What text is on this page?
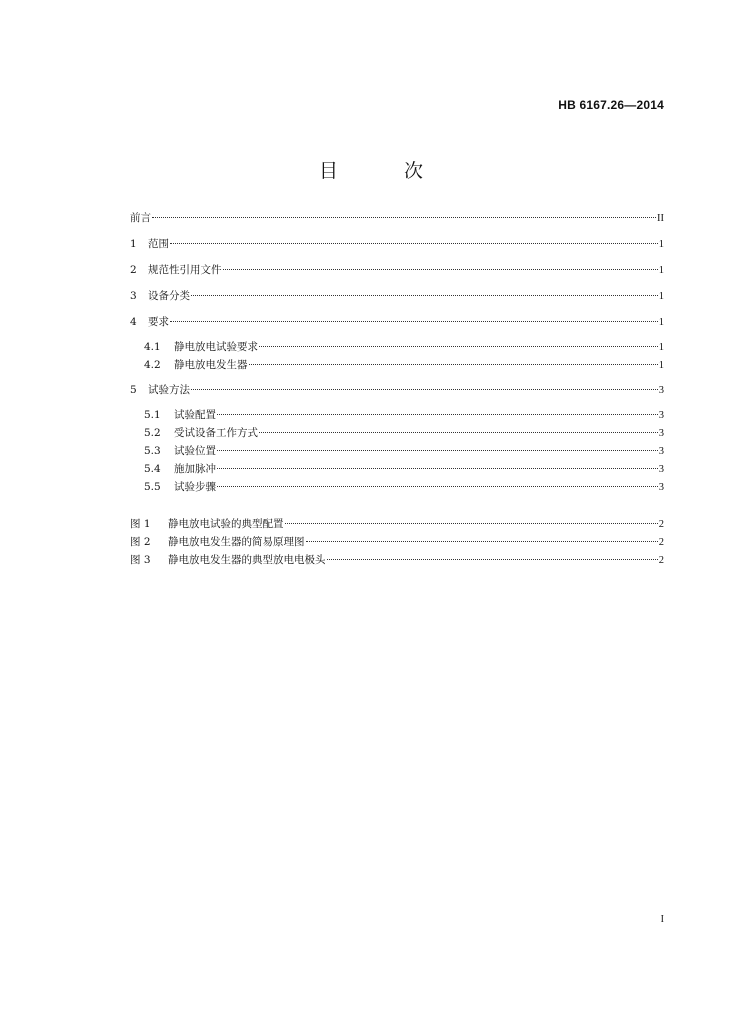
HB 6167.26—2014
目 次
前言	II
1	范围	1
2	规范性引用文件	1
3	设备分类	1
4	要求	1
4.1	静电放电试验要求	1
4.2	静电放电发生器	1
5	试验方法	3
5.1	试验配置	3
5.2	受试设备工作方式	3
5.3	试验位置	3
5.4	施加脉冲	3
5.5	试验步骤	3
图 1	静电放电试验的典型配置	2
图 2	静电放电发生器的简易原理图	2
图 3	静电放电发生器的典型放电电极头	2
I
